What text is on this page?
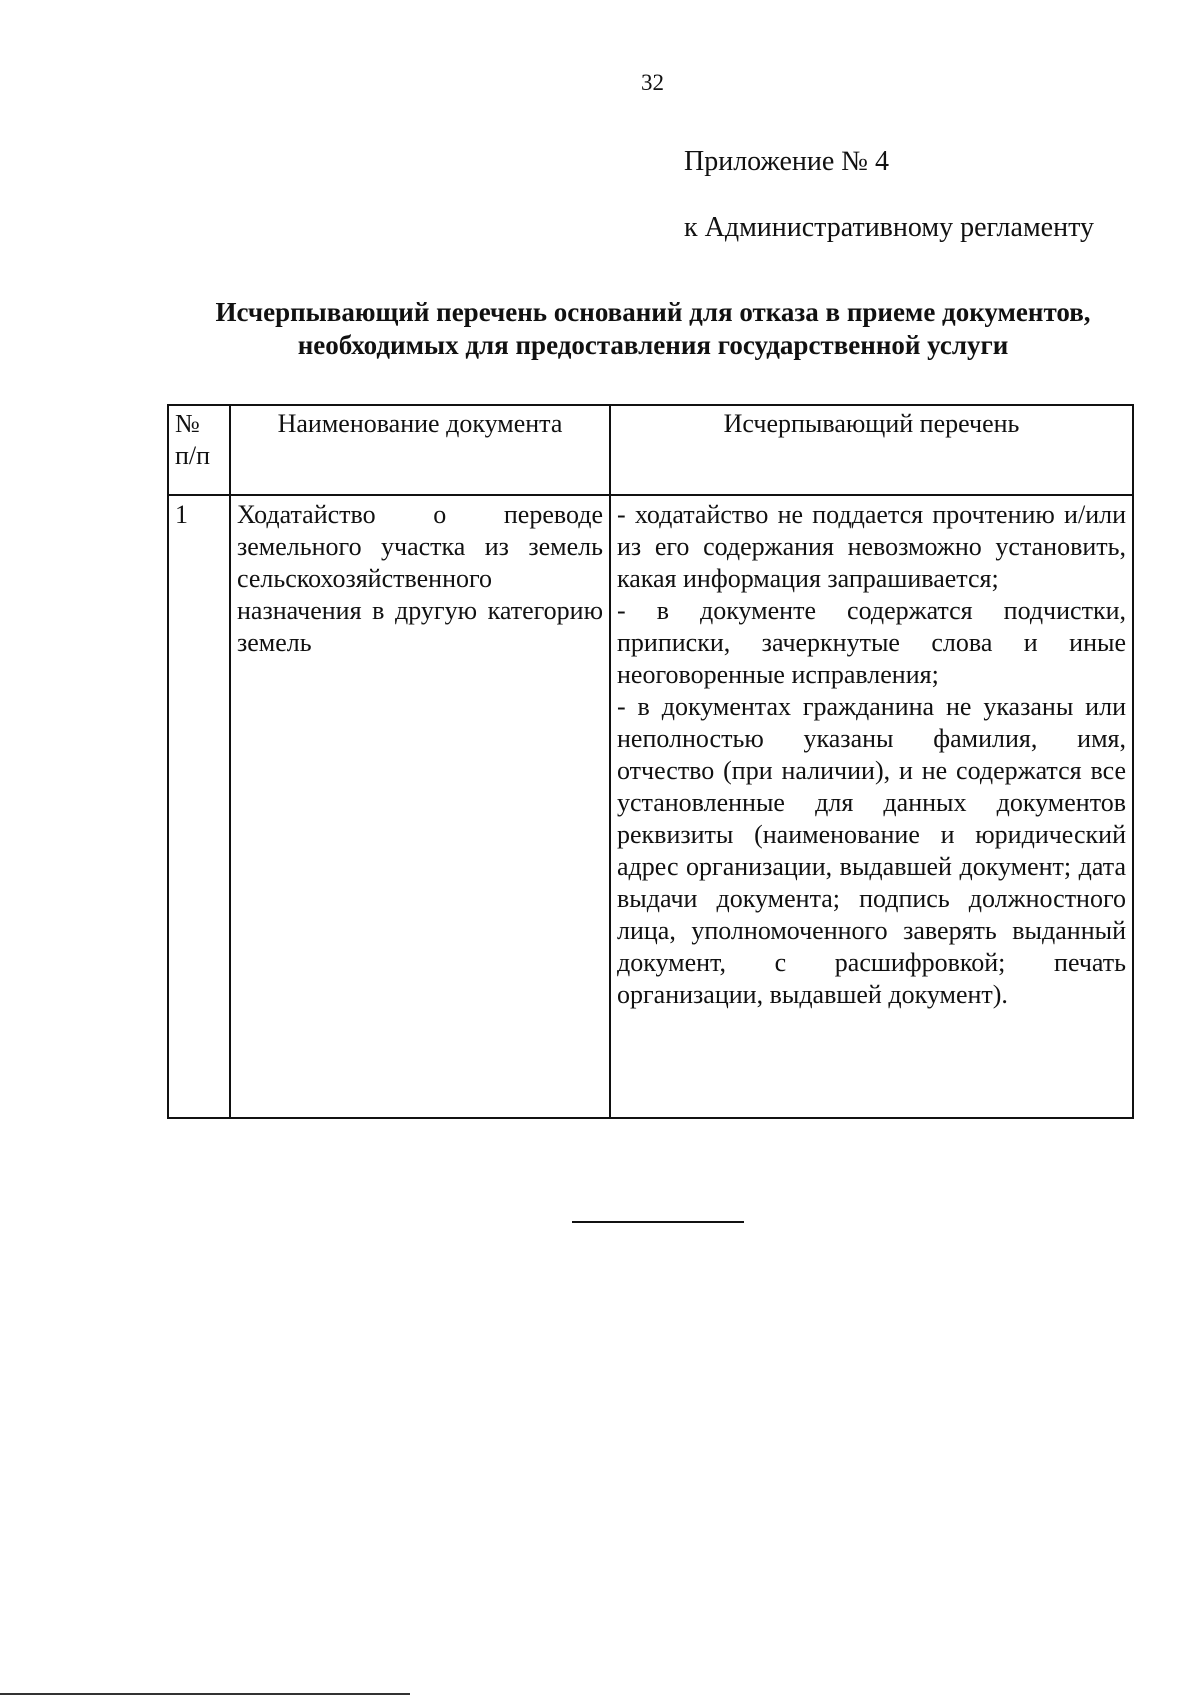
32
Приложение № 4
к Административному регламенту
Исчерпывающий перечень оснований для отказа в приеме документов,
необходимых для предоставления государственной услуги
№ п/п	Наименование документа	Исчерпывающий перечень
1	Ходатайство о переводе земельного участка из земель сельскохозяйственного назначения в другую категорию земель	- ходатайство не поддается прочтению и/или из его содержания невозможно установить, какая информация запрашивается;
- в документе содержатся подчистки, приписки, зачеркнутые слова и иные неоговоренные исправления;
- в документах гражданина не указаны или неполностью указаны фамилия, имя, отчество (при наличии), и не содержатся все установленные для данных документов реквизиты (наименование и юридический адрес организации, выдавшей документ; дата выдачи документа; подпись должностного лица, уполномоченного заверять выданный документ, с расшифровкой; печать организации, выдавшей документ).
